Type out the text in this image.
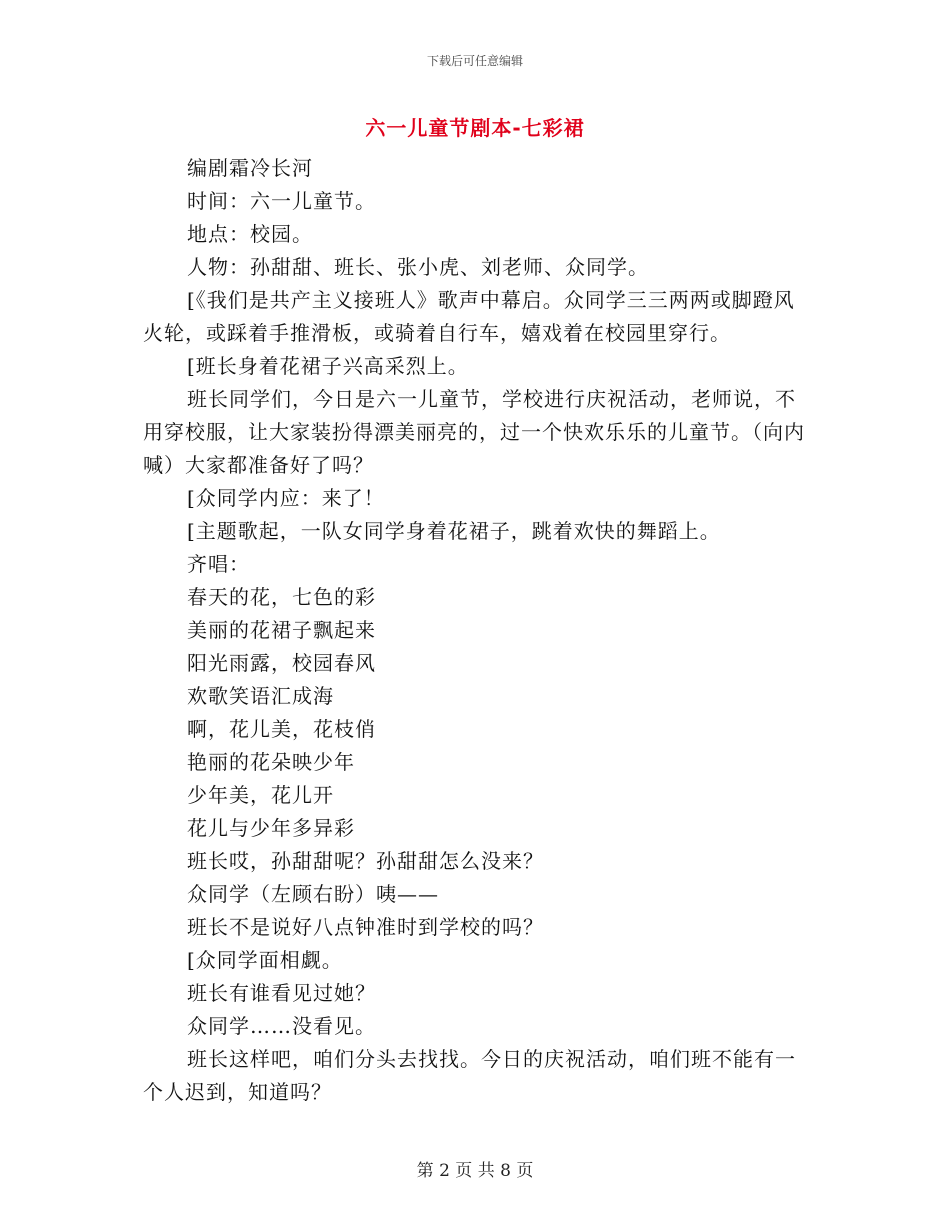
下载后可任意编辑
六一儿童节剧本-七彩裙

编剧霜冷长河

时间：六一儿童节。

地点：校园。

人物：孙甜甜、班长、张小虎、刘老师、众同学。

[《我们是共产主义接班人》歌声中幕启。众同学三三两两或脚蹬风火轮，或踩着手推滑板，或骑着自行车，嬉戏着在校园里穿行。

[班长身着花裙子兴高采烈上。

班长同学们，今日是六一儿童节，学校进行庆祝活动，老师说，不用穿校服，让大家装扮得漂美丽亮的，过一个快欢乐乐的儿童节。（向内喊）大家都准备好了吗？

[众同学内应：来了！

[主题歌起，一队女同学身着花裙子，跳着欢快的舞蹈上。

齐唱：

春天的花，七色的彩

美丽的花裙子飘起来

阳光雨露，校园春风

欢歌笑语汇成海

啊，花儿美，花枝俏

艳丽的花朵映少年

少年美，花儿开

花儿与少年多异彩

班长哎，孙甜甜呢？孙甜甜怎么没来？

众同学（左顾右盼）咦——

班长不是说好八点钟准时到学校的吗？

[众同学面相觑。

班长有谁看见过她？

众同学……没看见。

班长这样吧，咱们分头去找找。今日的庆祝活动，咱们班不能有一个人迟到，知道吗？

第 2 页 共 8 页
